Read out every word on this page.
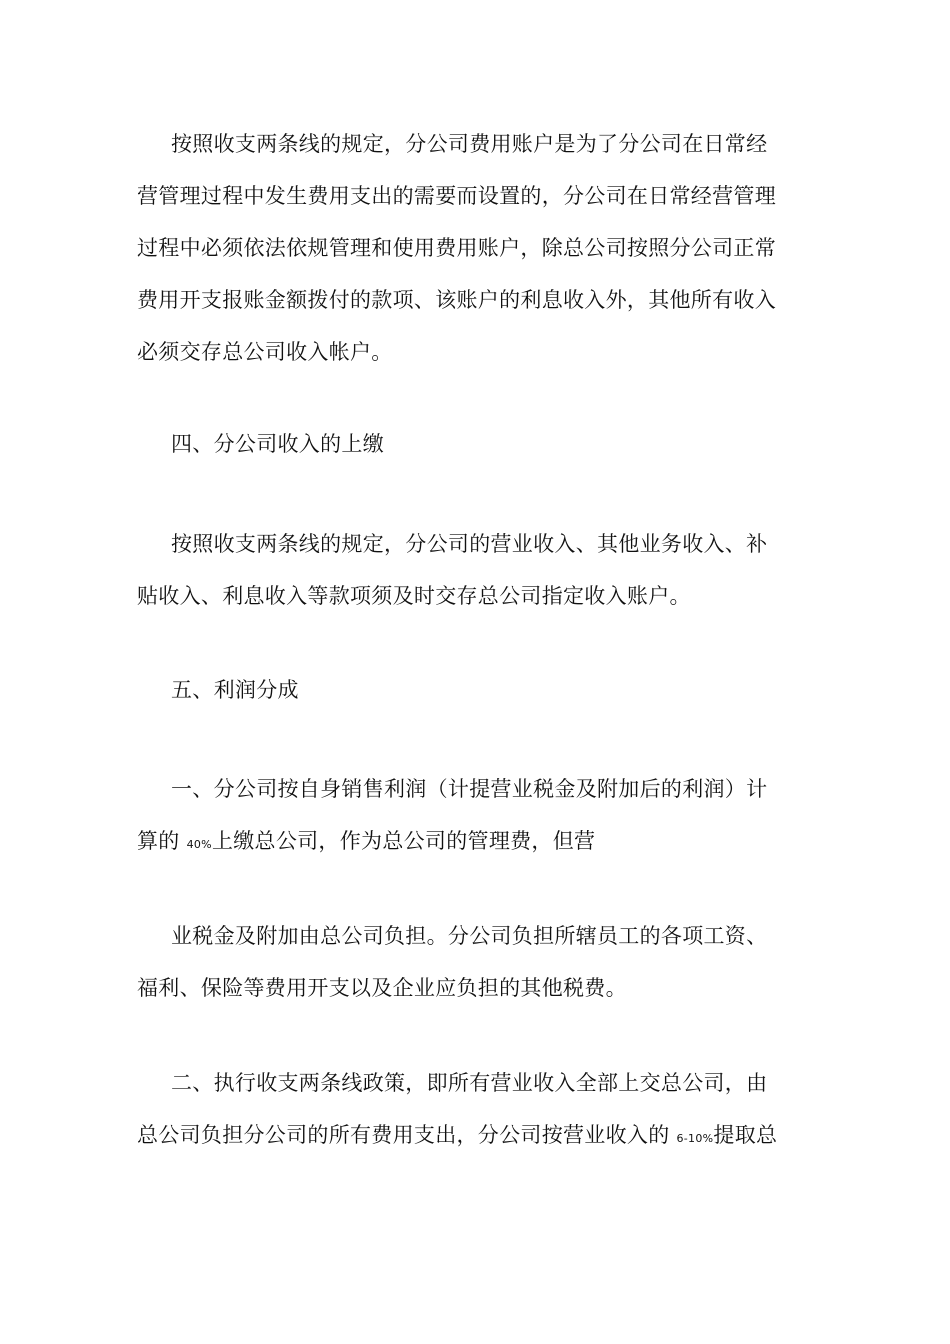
按照收支两条线的规定，分公司费用账户是为了分公司在日常经
营管理过程中发生费用支出的需要而设置的，分公司在日常经营管理
过程中必须依法依规管理和使用费用账户，除总公司按照分公司正常
费用开支报账金额拨付的款项、该账户的利息收入外，其他所有收入
必须交存总公司收入帐户。
四、分公司收入的上缴
按照收支两条线的规定，分公司的营业收入、其他业务收入、补
贴收入、利息收入等款项须及时交存总公司指定收入账户。
五、利润分成
一、分公司按自身销售利润（计提营业税金及附加后的利润）计
算的 40%上缴总公司，作为总公司的管理费，但营
业税金及附加由总公司负担。分公司负担所辖员工的各项工资、
福利、保险等费用开支以及企业应负担的其他税费。
二、执行收支两条线政策，即所有营业收入全部上交总公司，由
总公司负担分公司的所有费用支出，分公司按营业收入的 6-10%提取总
